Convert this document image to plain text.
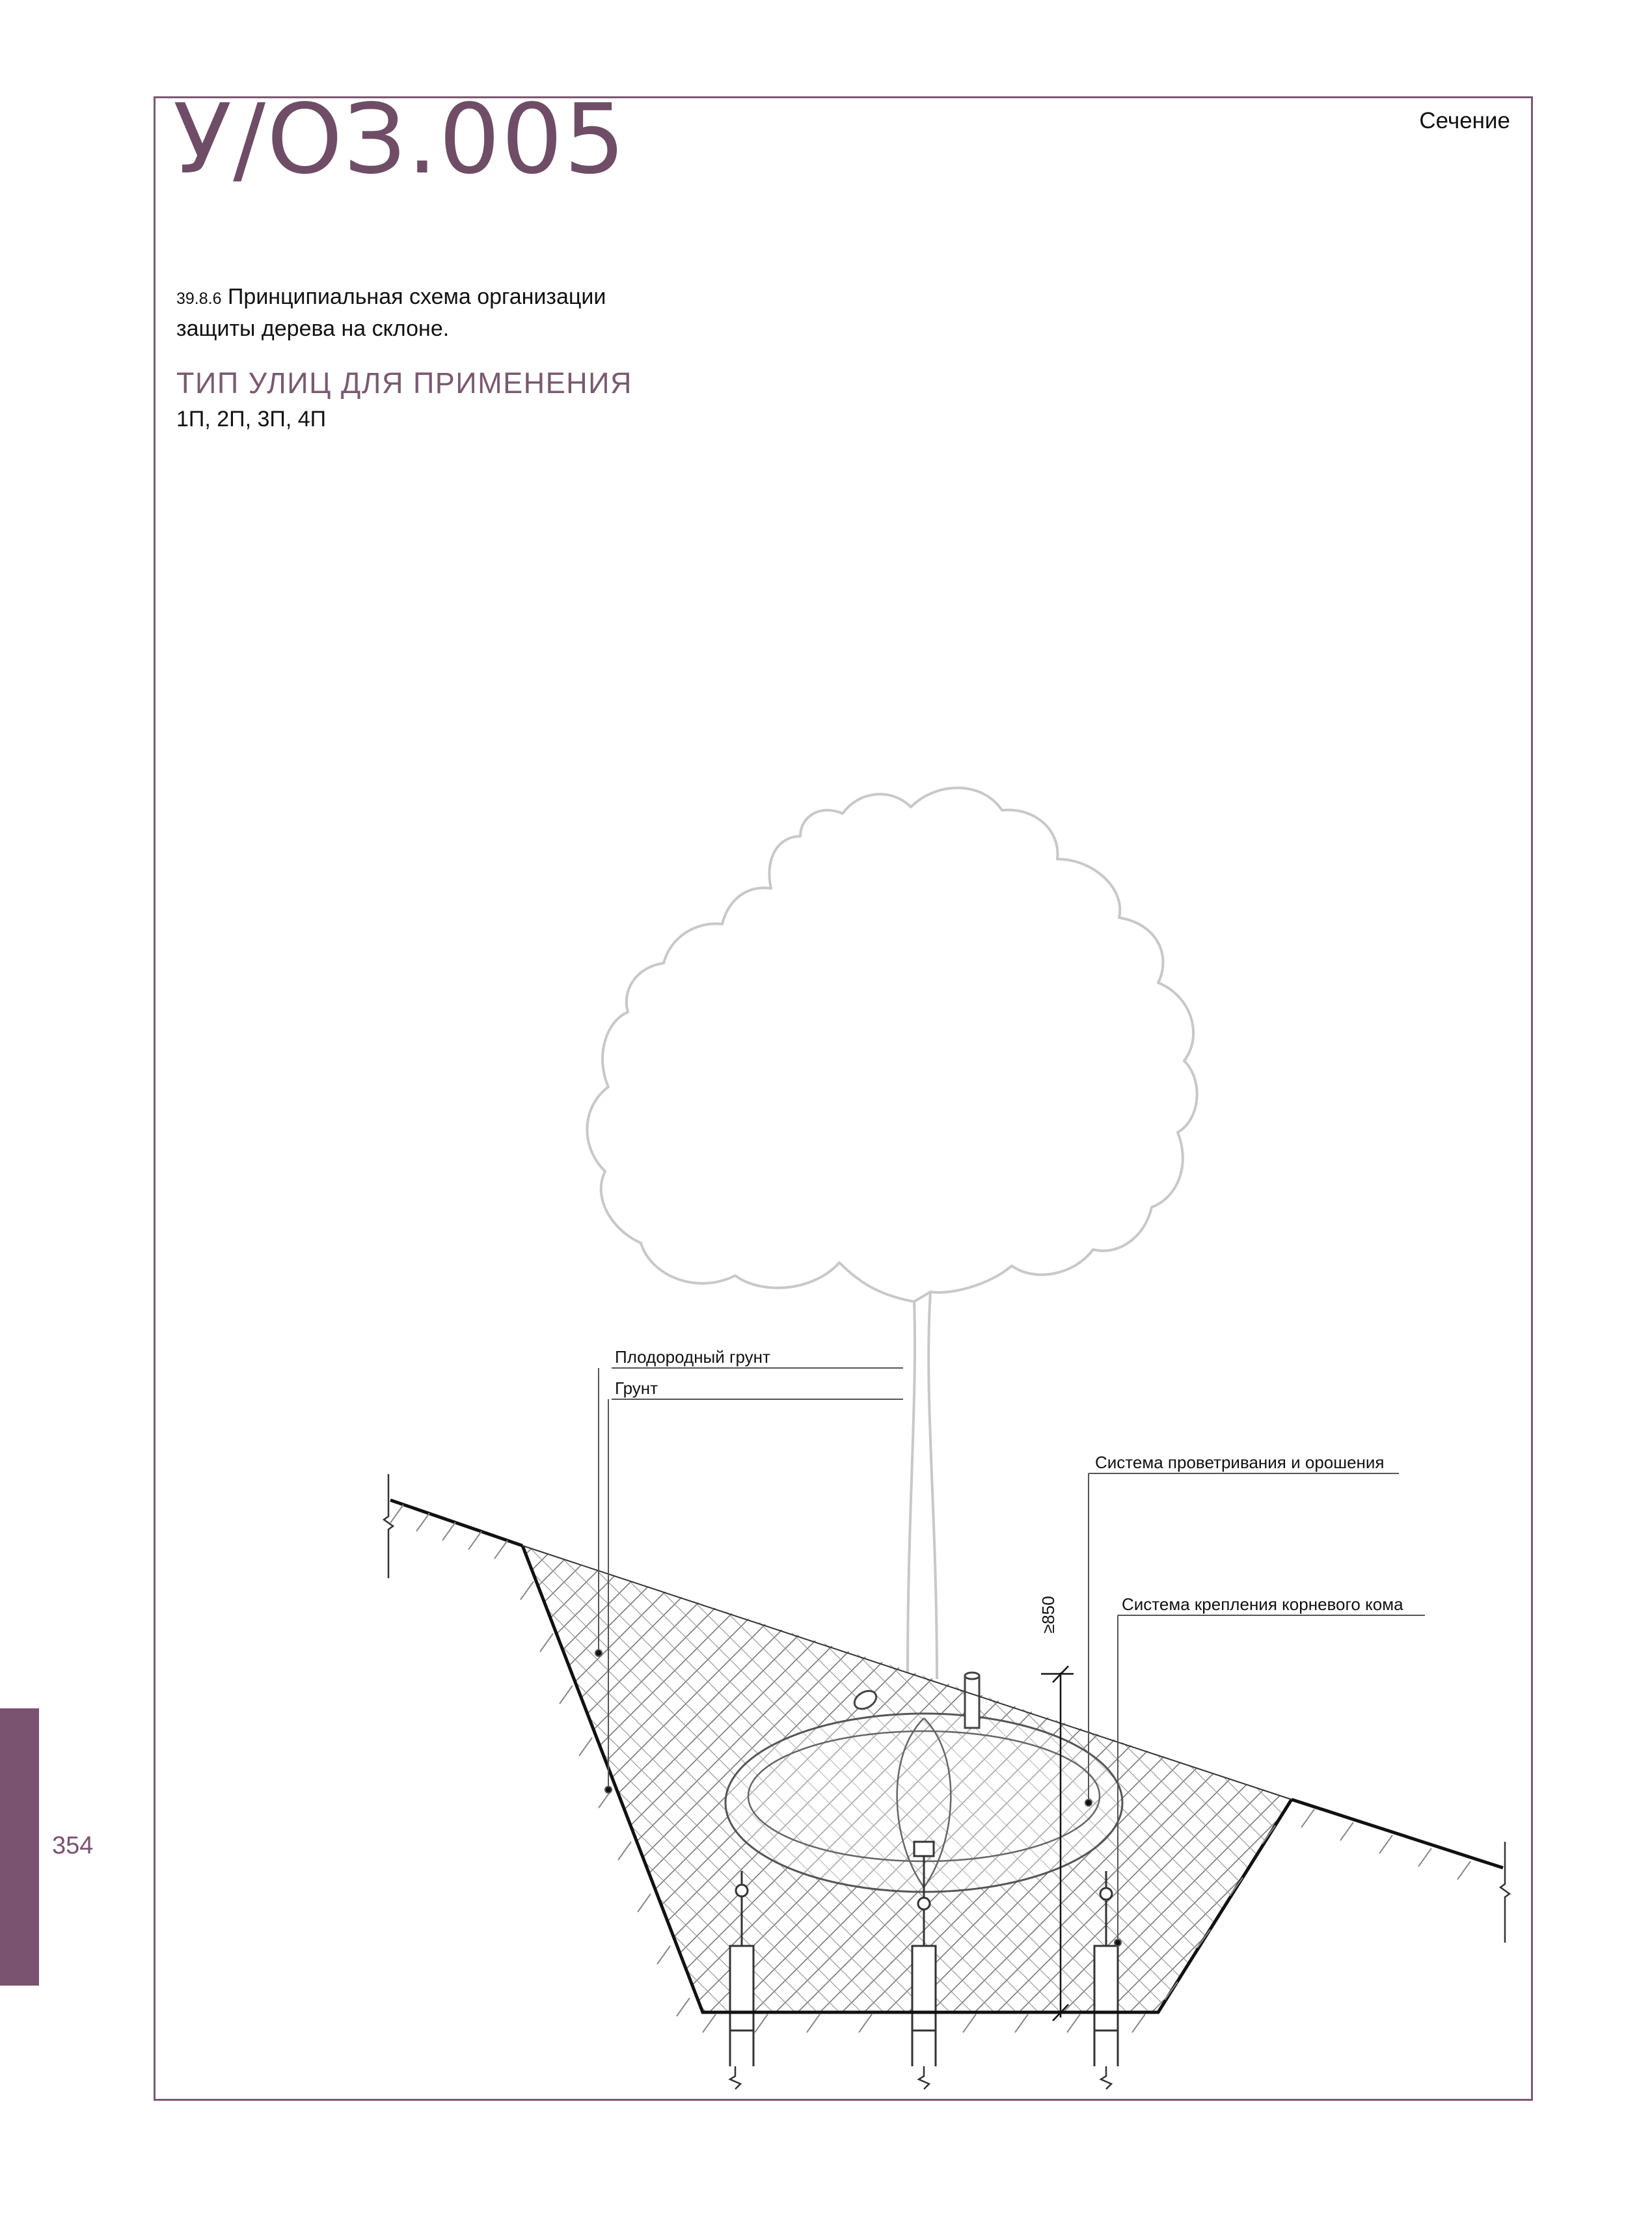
У/ОЗ.005	Сечение
39.8.6 Принципиальная схема организации защиты дерева на склоне.
ТИП УЛИЦ ДЛЯ ПРИМЕНЕНИЯ
1П, 2П, 3П, 4П
354
≥850
Плодородный грунт
Грунт
Система проветривания и орошения
Система крепления корневого кома
